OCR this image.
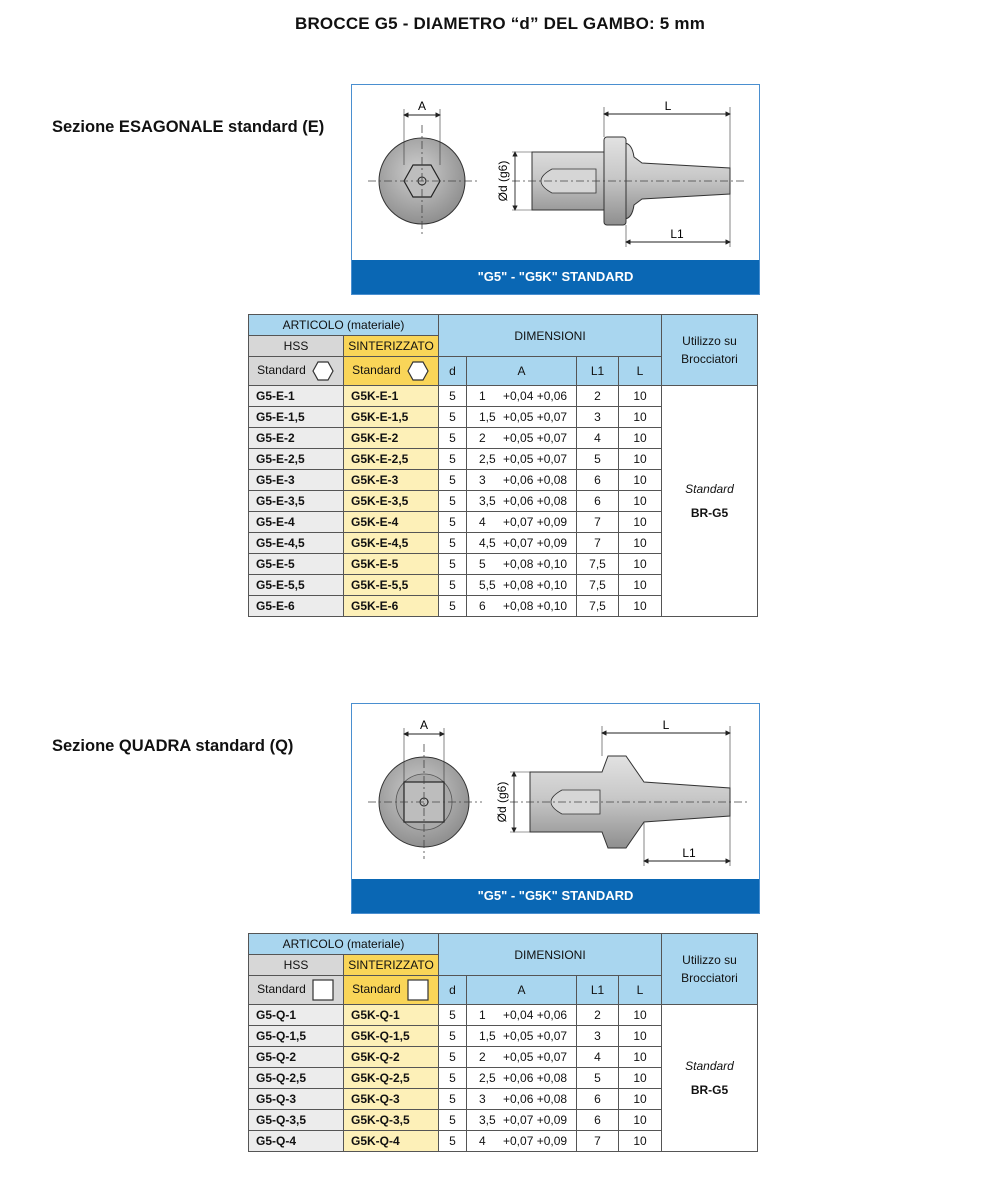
BROCCE G5 - DIAMETRO “d” DEL GAMBO: 5 mm
Sezione ESAGONALE standard (E)
A
Ød (g6)
L
L1
"G5" - "G5K" STANDARD
ARTICOLO (materiale)		DIMENSIONI				Utilizzo su
Brocciatori
HSS	SINTERIZZATO					
Standard	Standard	d	A	L1	L	
G5-E-1	G5K-E-1	5	1 +0,04 +0,06	2	10	Standard
BR-G5

G5-E-1,5	G5K-E-1,5	5	1,5 +0,05 +0,07	3	10	
G5-E-2	G5K-E-2	5	2 +0,05 +0,07	4	10	
G5-E-2,5	G5K-E-2,5	5	2,5 +0,05 +0,07	5	10	
G5-E-3	G5K-E-3	5	3 +0,06 +0,08	6	10	
G5-E-3,5	G5K-E-3,5	5	3,5 +0,06 +0,08	6	10	
G5-E-4	G5K-E-4	5	4 +0,07 +0,09	7	10	
G5-E-4,5	G5K-E-4,5	5	4,5 +0,07 +0,09	7	10	
G5-E-5	G5K-E-5	5	5 +0,08 +0,10	7,5	10	
G5-E-5,5	G5K-E-5,5	5	5,5 +0,08 +0,10	7,5	10	
G5-E-6	G5K-E-6	5	6 +0,08 +0,10	7,5	10	
Sezione QUADRA standard (Q)
A
Ød (g6)
L
L1
"G5" - "G5K" STANDARD
ARTICOLO (materiale)		DIMENSIONI				Utilizzo su
Brocciatori
HSS	SINTERIZZATO					
Standard	Standard	d	A	L1	L	
G5-Q-1	G5K-Q-1	5	1 +0,04 +0,06	2	10	Standard
BR-G5

G5-Q-1,5	G5K-Q-1,5	5	1,5 +0,05 +0,07	3	10	
G5-Q-2	G5K-Q-2	5	2 +0,05 +0,07	4	10	
G5-Q-2,5	G5K-Q-2,5	5	2,5 +0,06 +0,08	5	10	
G5-Q-3	G5K-Q-3	5	3 +0,06 +0,08	6	10	
G5-Q-3,5	G5K-Q-3,5	5	3,5 +0,07 +0,09	6	10	
G5-Q-4	G5K-Q-4	5	4 +0,07 +0,09	7	10	
